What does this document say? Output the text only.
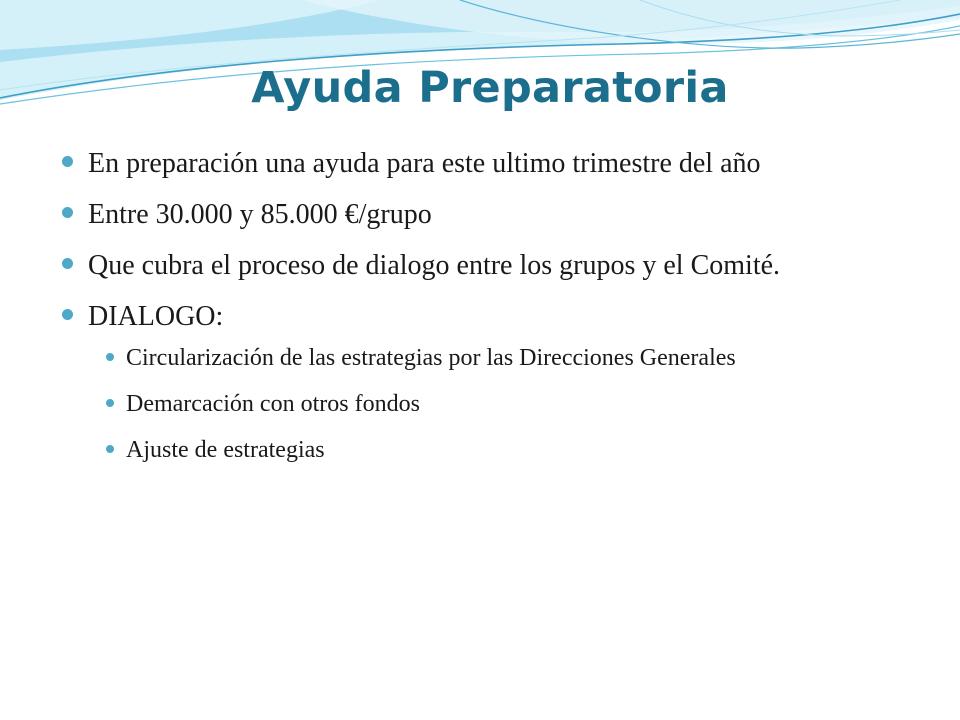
Ayuda Preparatoria
En preparación una ayuda para este ultimo trimestre del año
Entre 30.000 y 85.000 €/grupo
Que cubra el proceso de dialogo entre los grupos y el Comité.
DIALOGO:
Circularización de las estrategias por las Direcciones Generales
Demarcación con otros fondos
Ajuste de estrategias
